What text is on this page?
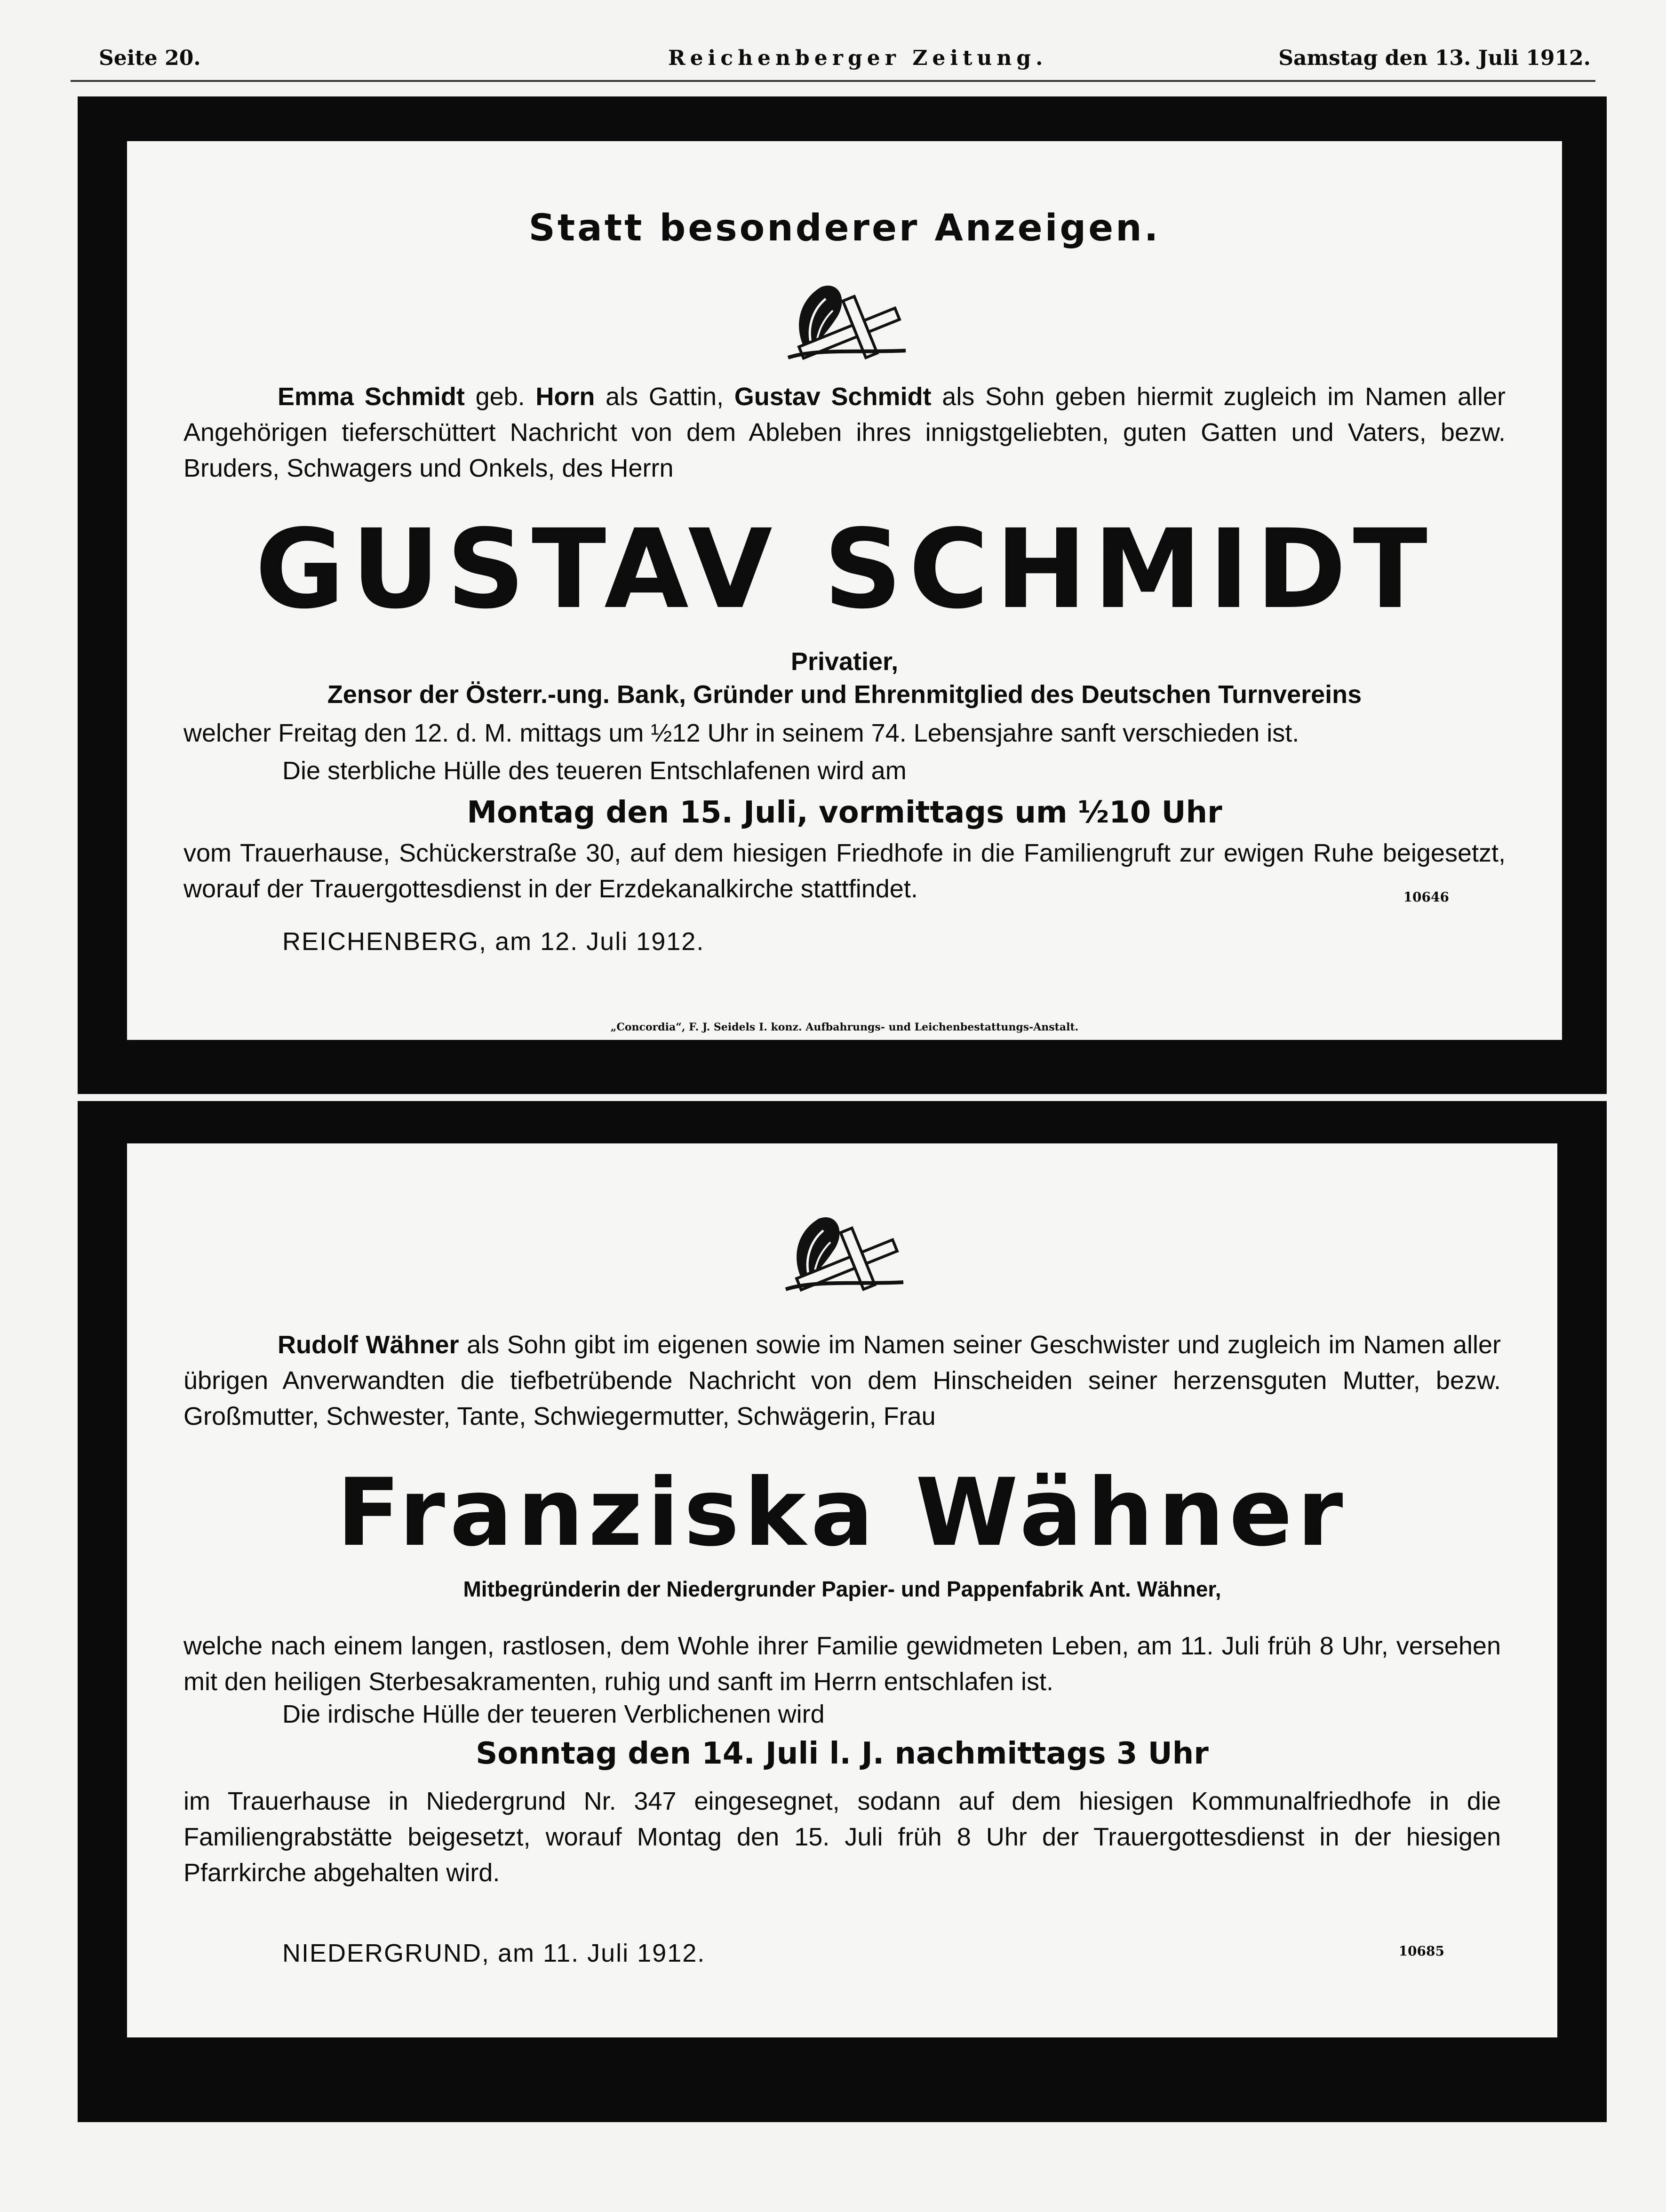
Seite 20.	Reichenberger Zeitung.	Samstag den 13. Juli 1912.
Statt besonderer Anzeigen.
Emma Schmidt geb. Horn als Gattin, Gustav Schmidt als Sohn geben hiermit zugleich im Namen aller Angehörigen tieferschüttert Nachricht von dem Ableben ihres innigstgeliebten, guten Gatten und Vaters, bezw. Bruders, Schwagers und Onkels, des Herrn
GUSTAV SCHMIDT
Privatier,
Zensor der Österr.-ung. Bank, Gründer und Ehrenmitglied des Deutschen Turnvereins
welcher Freitag den 12. d. M. mittags um ½12 Uhr in seinem 74. Lebensjahre sanft verschieden ist.
Die sterbliche Hülle des teueren Entschlafenen wird am
Montag den 15. Juli, vormittags um ½10 Uhr
vom Trauerhause, Schückerstraße 30, auf dem hiesigen Friedhofe in die Familiengruft zur ewigen Ruhe beigesetzt, worauf der Trauergottesdienst in der Erzdekanalkirche stattfindet.	10646
REICHENBERG, am 12. Juli 1912.
„Concordia“, F. J. Seidels I. konz. Aufbahrungs- und Leichenbestattungs-Anstalt.
Rudolf Wähner als Sohn gibt im eigenen sowie im Namen seiner Geschwister und zugleich im Namen aller übrigen Anverwandten die tiefbetrübende Nachricht von dem Hinscheiden seiner herzensguten Mutter, bezw. Großmutter, Schwester, Tante, Schwiegermutter, Schwägerin, Frau
Franziska Wähner
Mitbegründerin der Niedergrunder Papier- und Pappenfabrik Ant. Wähner,
welche nach einem langen, rastlosen, dem Wohle ihrer Familie gewidmeten Leben, am 11. Juli früh 8 Uhr, versehen mit den heiligen Sterbesakramenten, ruhig und sanft im Herrn entschlafen ist.
Die irdische Hülle der teueren Verblichenen wird
Sonntag den 14. Juli l. J. nachmittags 3 Uhr
im Trauerhause in Niedergrund Nr. 347 eingesegnet, sodann auf dem hiesigen Kommunalfriedhofe in die Familiengrabstätte beigesetzt, worauf Montag den 15. Juli früh 8 Uhr der Trauergottesdienst in der hiesigen Pfarrkirche abgehalten wird.
NIEDERGRUND, am 11. Juli 1912.	10685
